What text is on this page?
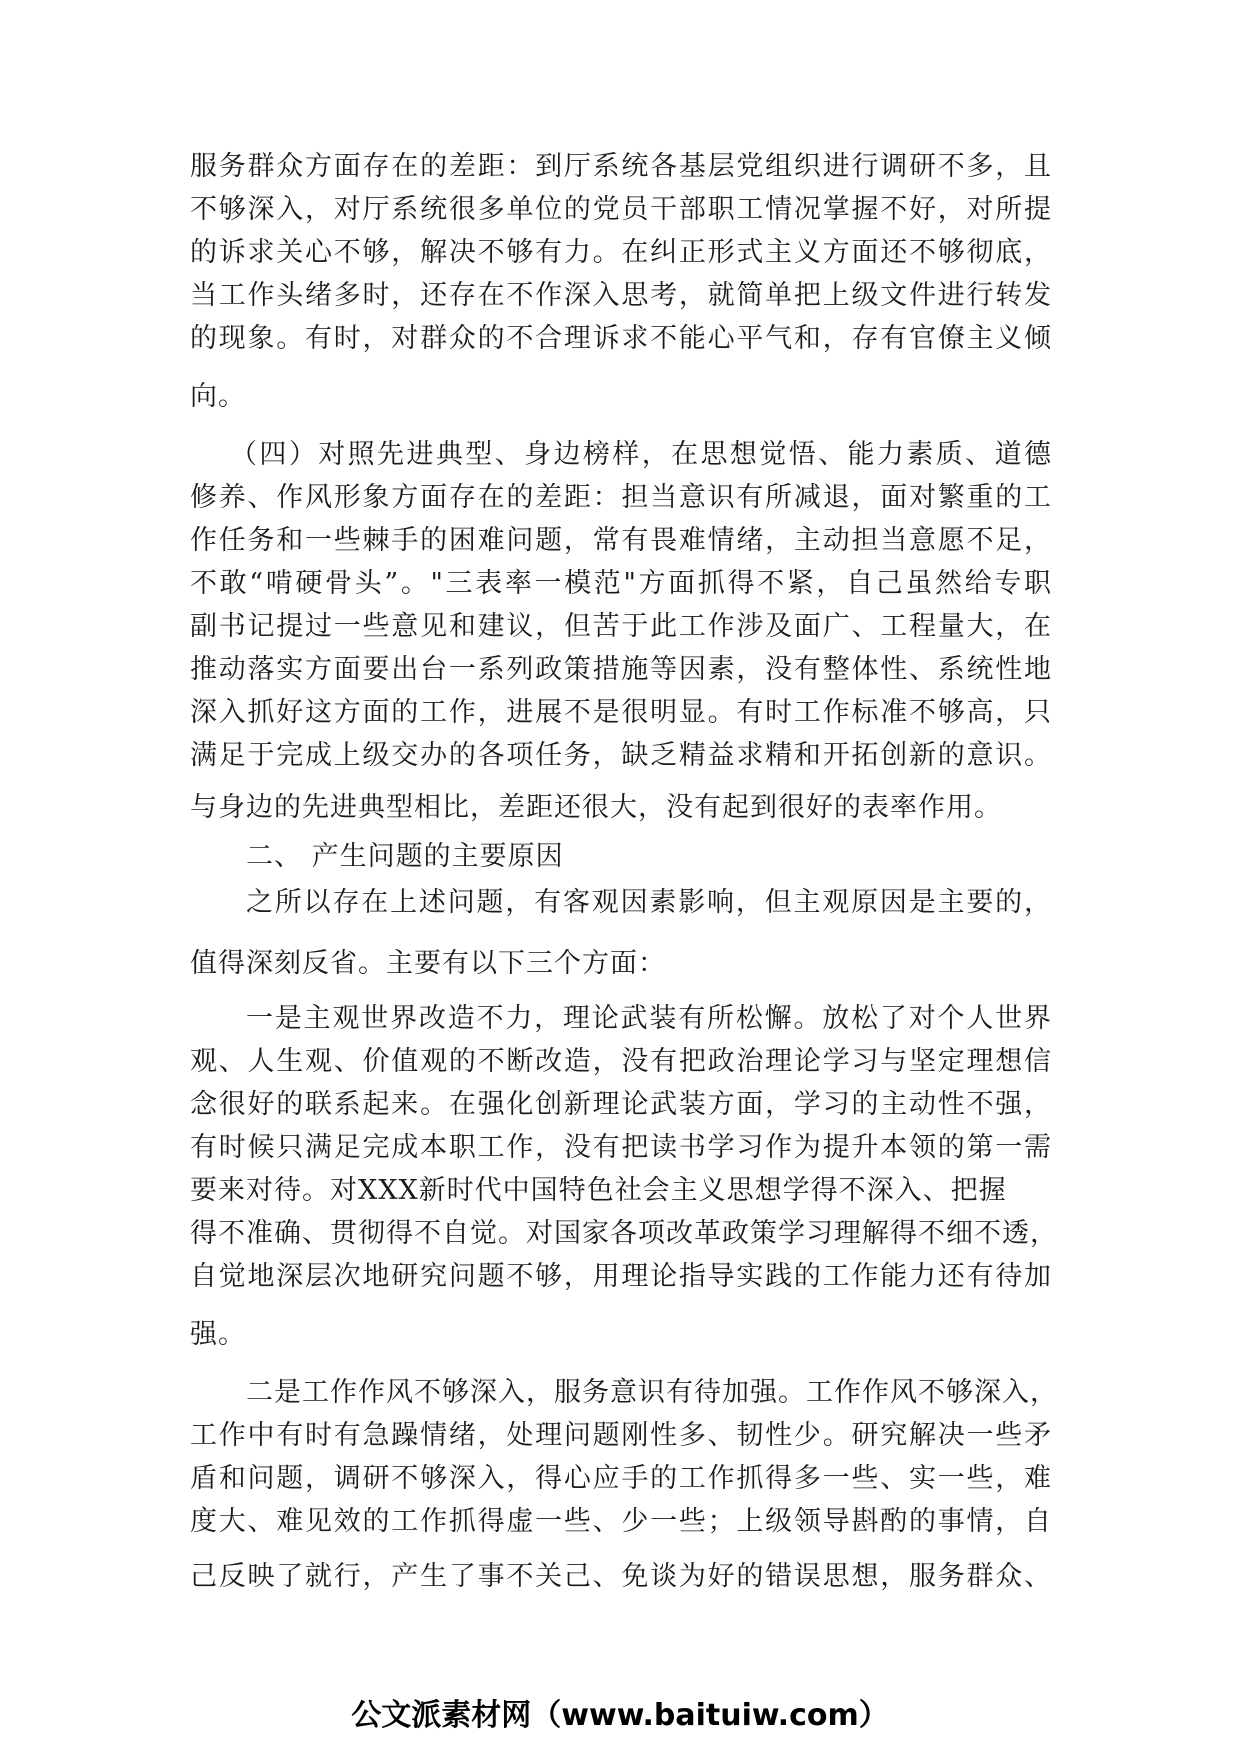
服务群众方面存在的差距：到厅系统各基层党组织进行调研不多，且
不够深入，对厅系统很多单位的党员干部职工情况掌握不好，对所提
的诉求关心不够，解决不够有力。在纠正形式主义方面还不够彻底，
当工作头绪多时，还存在不作深入思考，就简单把上级文件进行转发
的现象。有时，对群众的不合理诉求不能心平气和，存有官僚主义倾
向。
（四）对照先进典型、身边榜样，在思想觉悟、能力素质、道德
修养、作风形象方面存在的差距：担当意识有所减退，面对繁重的工
作任务和一些棘手的困难问题，常有畏难情绪，主动担当意愿不足，
不敢“啃硬骨头”。"三表率一模范"方面抓得不紧，自己虽然给专职
副书记提过一些意见和建议，但苦于此工作涉及面广、工程量大，在
推动落实方面要出台一系列政策措施等因素，没有整体性、系统性地
深入抓好这方面的工作，进展不是很明显。有时工作标准不够高，只
满足于完成上级交办的各项任务，缺乏精益求精和开拓创新的意识。
与身边的先进典型相比，差距还很大，没有起到很好的表率作用。
二、 产生问题的主要原因
之所以存在上述问题，有客观因素影响，但主观原因是主要的，
值得深刻反省。主要有以下三个方面：
一是主观世界改造不力，理论武装有所松懈。放松了对个人世界
观、人生观、价值观的不断改造，没有把政治理论学习与坚定理想信
念很好的联系起来。在强化创新理论武装方面，学习的主动性不强，
有时候只满足完成本职工作，没有把读书学习作为提升本领的第一需
要来对待。对XXX新时代中国特色社会主义思想学得不深入、把握
得不准确、贯彻得不自觉。对国家各项改革政策学习理解得不细不透，
自觉地深层次地研究问题不够，用理论指导实践的工作能力还有待加
强。
二是工作作风不够深入，服务意识有待加强。工作作风不够深入，
工作中有时有急躁情绪，处理问题刚性多、韧性少。研究解决一些矛
盾和问题，调研不够深入，得心应手的工作抓得多一些、实一些，难
度大、难见效的工作抓得虚一些、少一些；上级领导斟酌的事情，自
己反映了就行，产生了事不关己、免谈为好的错误思想，服务群众、
公文派素材网（www.baituiw.com）
